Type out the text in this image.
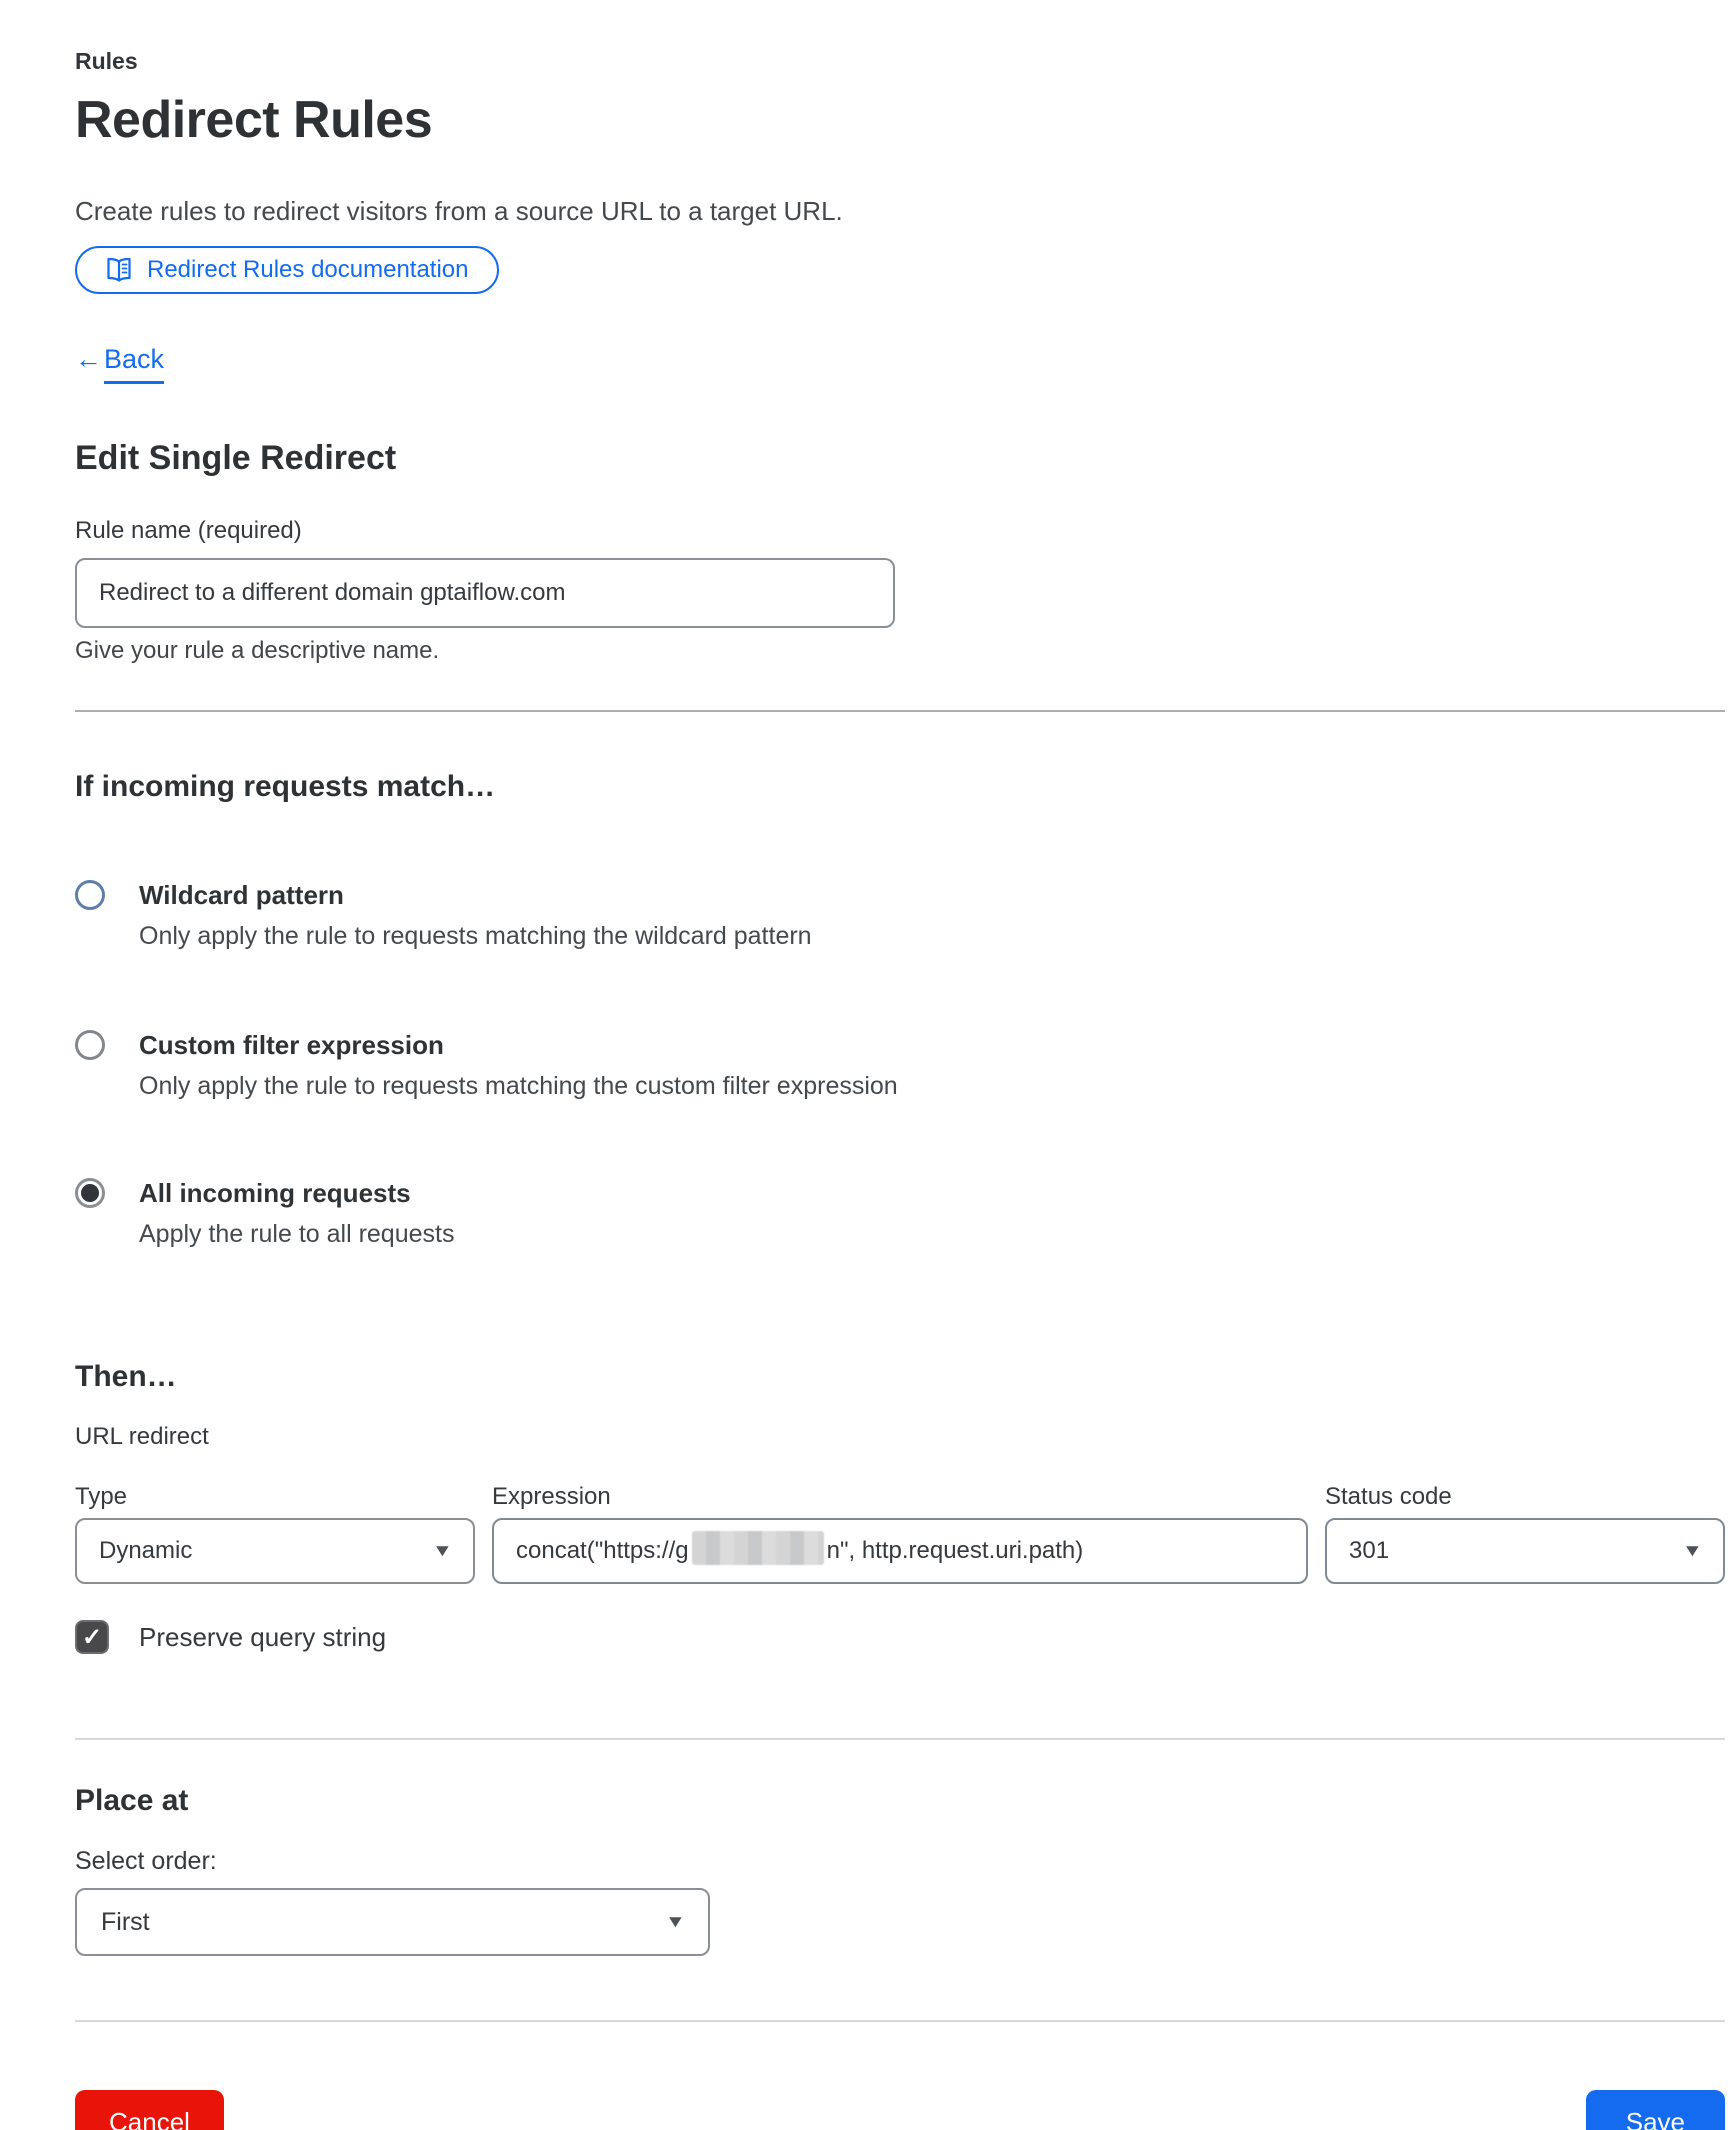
Rules
Redirect Rules

Create rules to redirect visitors from a source URL to a target URL.

Redirect Rules documentation
← Back
Edit Single Redirect
Rule name (required)
Redirect to a different domain gptaiflow.com
Give your rule a descriptive name.
If incoming requests match…
Wildcard pattern
Only apply the rule to requests matching the wildcard pattern
Custom filter expression
Only apply the rule to requests matching the custom filter expression
All incoming requests
Apply the rule to all requests
Then…
URL redirect
Type	Expression	Status code
Dynamic	▼	concat("https://g	n", http.request.uri.path)	301	▼
✓ Preserve query string
Place at
Select order:
First	▼
Cancel	Save
